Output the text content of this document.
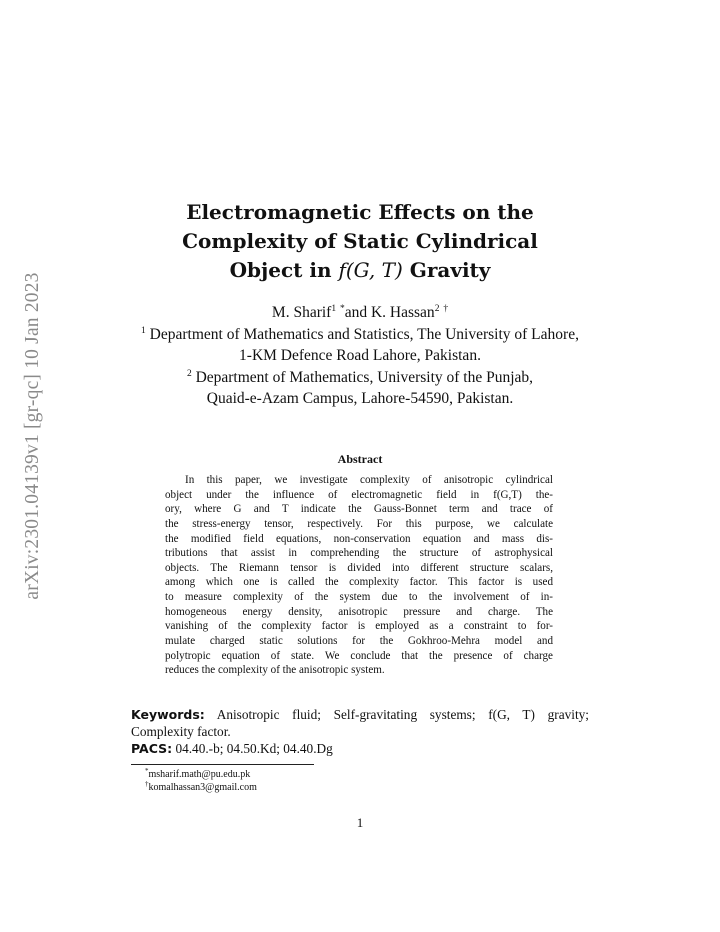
arXiv:2301.04139v1 [gr-qc] 10 Jan 2023
Electromagnetic Effects on the
Complexity of Static Cylindrical
Object in f(G, T) Gravity
M. Sharif$^1$ *and K. Hassan$^2$ †
$^1$ Department of Mathematics and Statistics, The University of Lahore,
1-KM Defence Road Lahore, Pakistan.
$^2$ Department of Mathematics, University of the Punjab,
Quaid-e-Azam Campus, Lahore-54590, Pakistan.
Abstract
In this paper, we investigate complexity of anisotropic cylindrical
object under the influence of electromagnetic field in f(G,T) the-
ory, where G and T indicate the Gauss-Bonnet term and trace of
the stress-energy tensor, respectively. For this purpose, we calculate
the modified field equations, non-conservation equation and mass dis-
tributions that assist in comprehending the structure of astrophysical
objects. The Riemann tensor is divided into different structure scalars,
among which one is called the complexity factor. This factor is used
to measure complexity of the system due to the involvement of in-
homogeneous energy density, anisotropic pressure and charge. The
vanishing of the complexity factor is employed as a constraint to for-
mulate charged static solutions for the Gokhroo-Mehra model and
polytropic equation of state. We conclude that the presence of charge
reduces the complexity of the anisotropic system.
Keywords: Anisotropic fluid; Self-gravitating systems; f(G, T) gravity;
Complexity factor.
PACS: 04.40.-b; 04.50.Kd; 04.40.Dg
*msharif.math@pu.edu.pk
†komalhassan3@gmail.com
1
